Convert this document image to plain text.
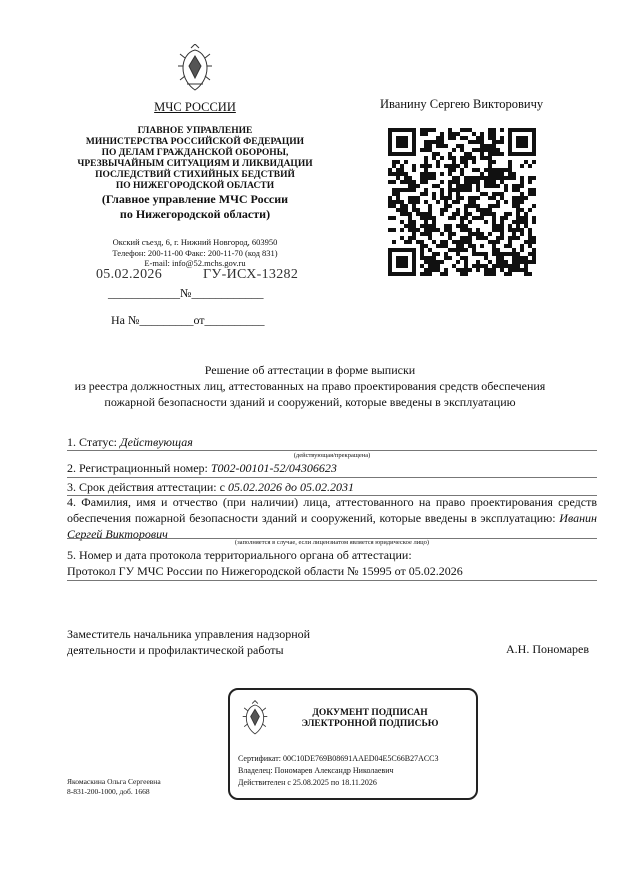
МЧС РОССИИ
ГЛАВНОЕ УПРАВЛЕНИЕ
МИНИСТЕРСТВА РОССИЙСКОЙ ФЕДЕРАЦИИ
ПО ДЕЛАМ ГРАЖДАНСКОЙ ОБОРОНЫ,
ЧРЕЗВЫЧАЙНЫМ СИТУАЦИЯМ И ЛИКВИДАЦИИ
ПОСЛЕДСТВИЙ СТИХИЙНЫХ БЕДСТВИЙ
ПО НИЖЕГОРОДСКОЙ ОБЛАСТИ
(Главное управление МЧС России
по Нижегородской области)
Окский съезд, 6, г. Нижний Новгород, 603950
Телефон: 200-11-00 Факс: 200-11-70 (код 831)
E-mail: info@52.mchs.gov.ru
05.02.2026	ГУ-ИСХ-13282
____________№____________
На №_________от__________
Иванину Сергею Викторовичу
Решение об аттестации в форме выписки
из реестра должностных лиц, аттестованных на право проектирования средств обеспечения
пожарной безопасности зданий и сооружений, которые введены в эксплуатацию
1. Статус: Действующая
(действующая/прекращена)
2. Регистрационный номер: Т002-00101-52/04306623
3. Срок действия аттестации: с 05.02.2026 до 05.02.2031
4. Фамилия, имя и отчество (при наличии) лица, аттестованного на право проектирования средств обеспечения пожарной безопасности зданий и сооружений, которые введены в эксплуатацию: Иванин Сергей Викторович
(заполняется в случае, если лицензиатом является юридическое лицо)
5. Номер и дата протокола территориального органа об аттестации:
Протокол ГУ МЧС России по Нижегородской области № 15995 от 05.02.2026
Заместитель начальника управления надзорной
деятельности и профилактической работы	А.Н. Пономарев
ДОКУМЕНТ ПОДПИСАН
ЭЛЕКТРОННОЙ ПОДПИСЬЮ
Сертификат: 00C10DE769B08691AAED04E5C66B27ACC3
Владелец: Пономарев Александр Николаевич
Действителен с 25.08.2025 по 18.11.2026
Якомаскина Ольга Сергеевна
8-831-200-1000, доб. 1668
